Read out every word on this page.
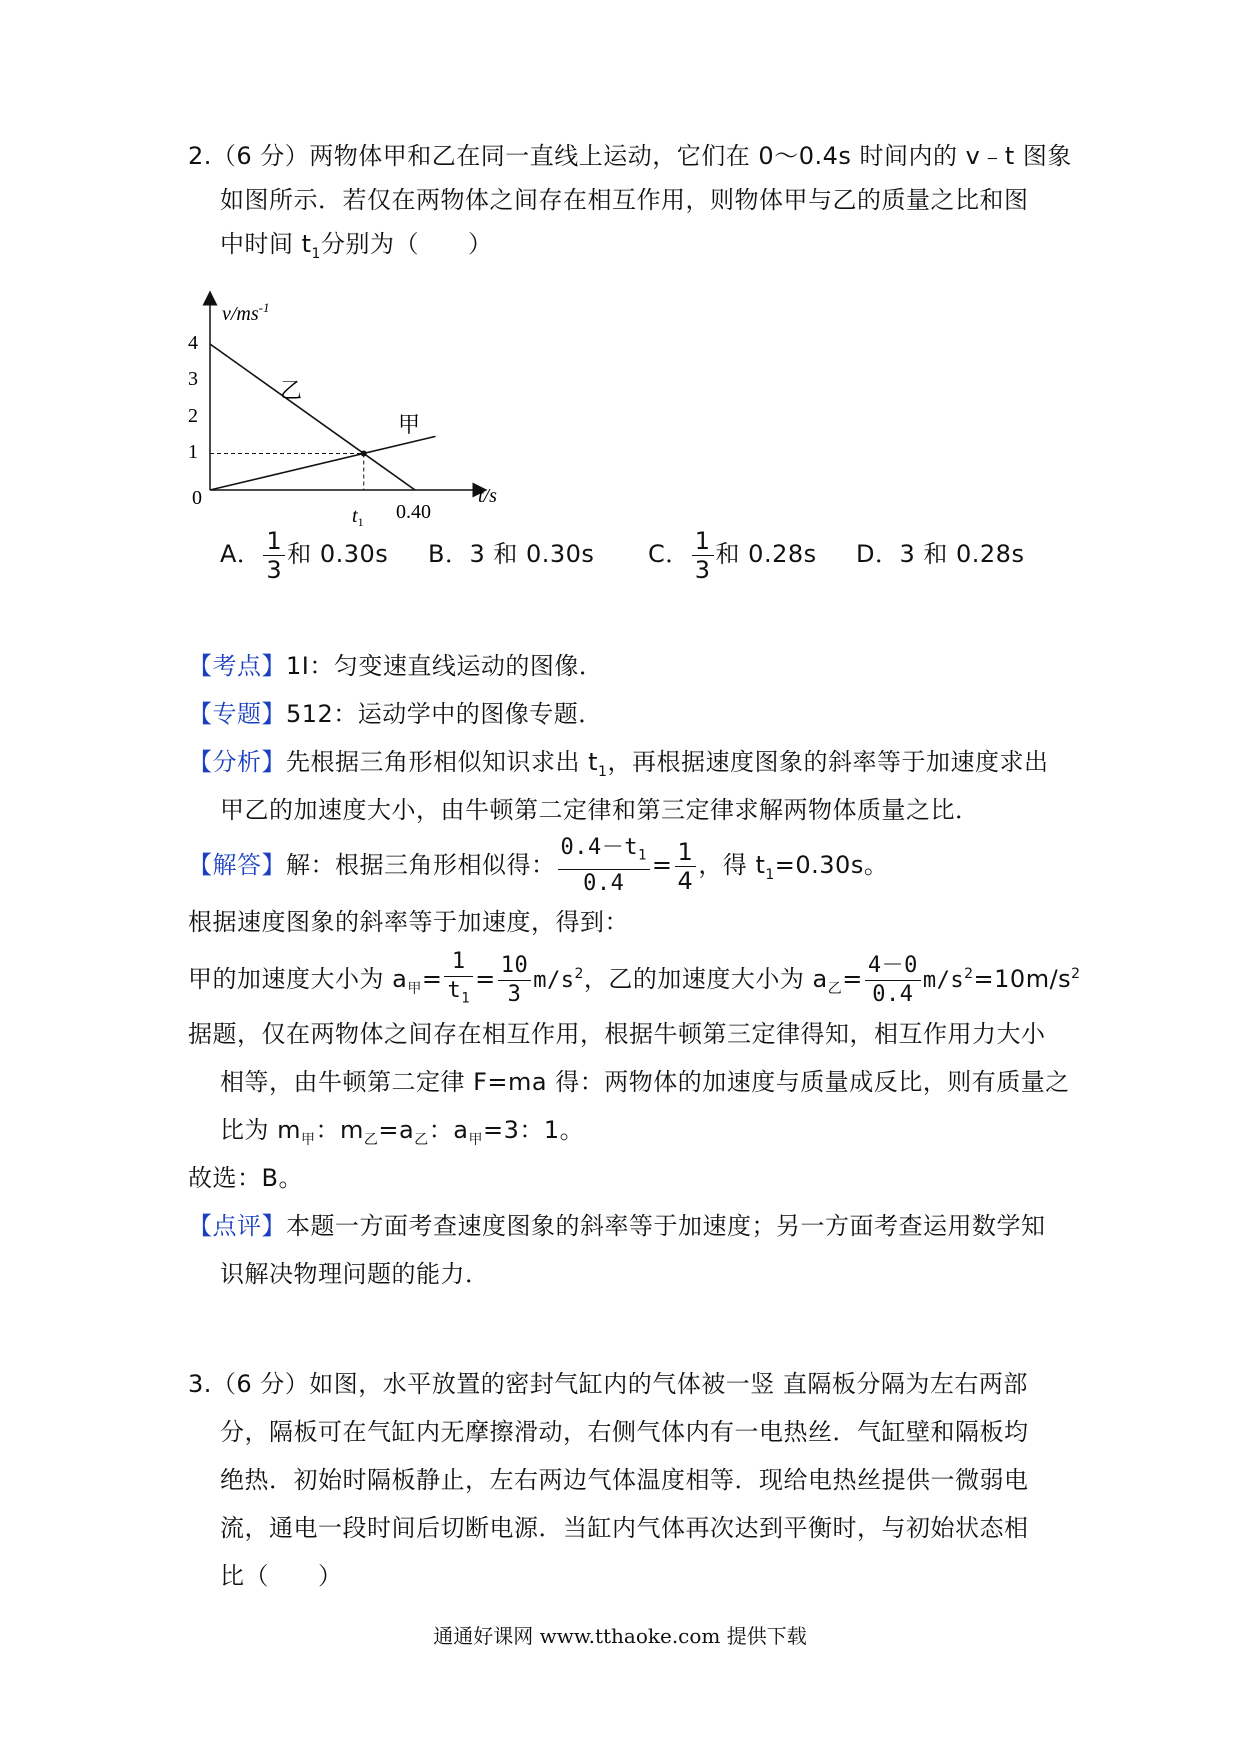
2.（6 分）两物体甲和乙在同一直线上运动，它们在 0～0.4s 时间内的 v﹣t 图象
如图所示．若仅在两物体之间存在相互作用，则物体甲与乙的质量之比和图
中时间 $t_1$分别为（　　）
$v/ms^{-1}$
t/s
4
3
2
1
0
$t_1$ 0.40
乙
甲
A． $\frac{1}{3}$ 和 0.30s B．3 和 0.30s C． $\frac{1}{3}$ 和 0.28s D．3 和 0.28s
【考点】1I：匀变速直线运动的图像．
【专题】512：运动学中的图像专题．
【分析】先根据三角形相似知识求出 $t_1$，再根据速度图象的斜率等于加速度求出
甲乙的加速度大小，由牛顿第二定律和第三定律求解两物体质量之比．
【解答】解：根据三角形相似得： $\frac{0.4-t_1}{0.4} = \frac{1}{4}$ ，得 $t_1=0.30s$。
根据速度图象的斜率等于加速度，得到：
甲的加速度大小为 $a_甲= \frac{1}{t_1} = \frac{10}{3} m/s^2$，乙的加速度大小为 $a_乙= \frac{4-0}{0.4} m/s^2=10m/s^2$
据题，仅在两物体之间存在相互作用，根据牛顿第三定律得知，相互作用力大小
相等，由牛顿第二定律 F=ma 得：两物体的加速度与质量成反比，则有质量之
比为 $m_甲$：$m_乙=a_乙$：$a_甲=3$：1。
故选：B。
【点评】本题一方面考查速度图象的斜率等于加速度；另一方面考查运用数学知
识解决物理问题的能力．
3.（6 分）如图，水平放置的密封气缸内的气体被一竖 直隔板分隔为左右两部
分，隔板可在气缸内无摩擦滑动，右侧气体内有一电热丝．气缸壁和隔板均
绝热．初始时隔板静止，左右两边气体温度相等．现给电热丝提供一微弱电
流，通电一段时间后切断电源．当缸内气体再次达到平衡时，与初始状态相
比（　　）
通通好课网 www.tthaoke.com 提供下载
